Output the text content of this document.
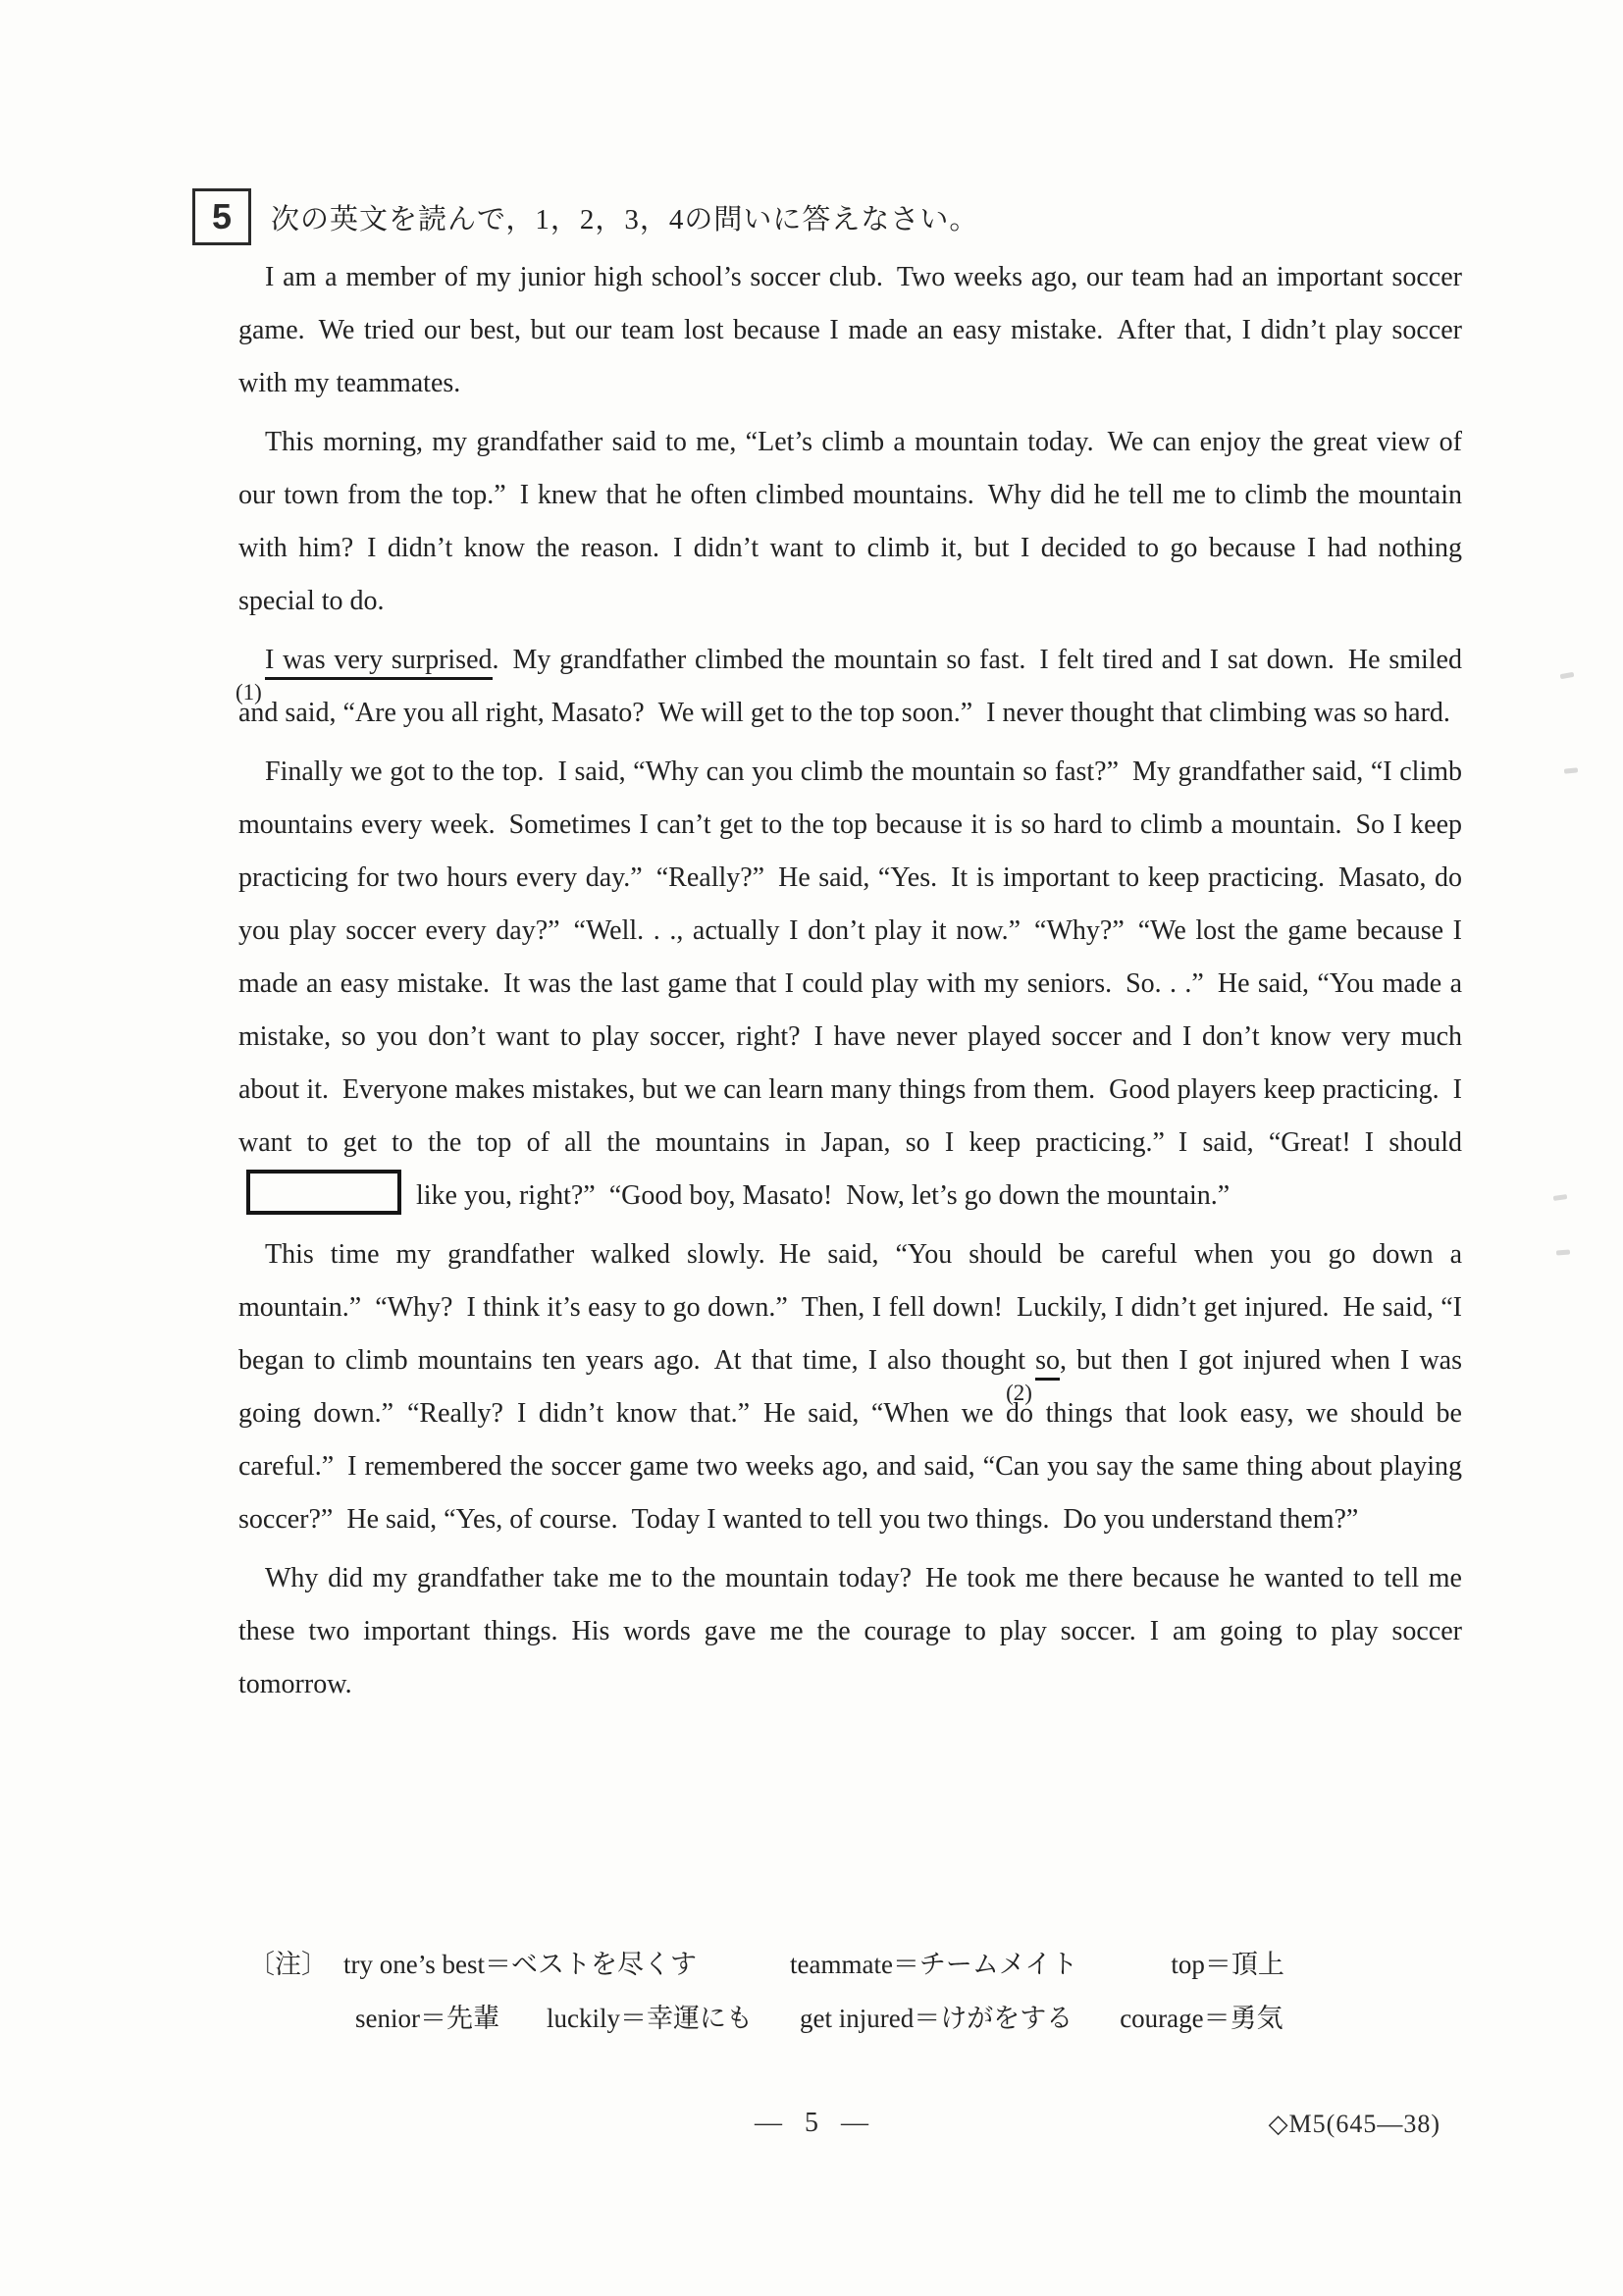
5 次の英文を読んで，1，2，3，4の問いに答えなさい。

I am a member of my junior high school’s soccer club. Two weeks ago, our team had an important soccer game. We tried our best, but our team lost because I made an easy mistake. After that, I didn’t play soccer with my teammates.

This morning, my grandfather said to me, “Let’s climb a mountain today. We can enjoy the great view of our town from the top.” I knew that he often climbed mountains. Why did he tell me to climb the mountain with him? I didn’t know the reason. I didn’t want to climb it, but I decided to go because I had nothing special to do.

I was very surprised
(1)
. My grandfather climbed the mountain so fast. I felt tired and I sat down. He smiled and said, “Are you all right, Masato? We will get to the top soon.” I never thought that climbing was so hard.

Finally we got to the top. I said, “Why can you climb the mountain so fast?” My grandfather said, “I climb mountains every week. Sometimes I can’t get to the top because it is so hard to climb a mountain. So I keep practicing for two hours every day.” “Really?” He said, “Yes. It is important to keep practicing. Masato, do you play soccer every day?” “Well. . ., actually I don’t play it now.” “Why?” “We lost the game because I made an easy mistake. It was the last game that I could play with my seniors. So. . .” He said, “You made a mistake, so you don’t want to play soccer, right? I have never played soccer and I don’t know very much about it. Everyone makes mistakes, but we can learn many things from them. Good players keep practicing. I want to get to the top of all the mountains in Japan, so I keep practicing.” I said, “Great! I should  like you, right?” “Good boy, Masato! Now, let’s go down the mountain.”

This time my grandfather walked slowly. He said, “You should be careful when you go down a mountain.” “Why? I think it’s easy to go down.” Then, I fell down! Luckily, I didn’t get injured. He said, “I began to climb mountains ten years ago. At that time, I also thought so
(2)
, but then I got injured when I was going down.” “Really? I didn’t know that.” He said, “When we do things that look easy, we should be careful.” I remembered the soccer game two weeks ago, and said, “Can you say the same thing about playing soccer?” He said, “Yes, of course. Today I wanted to tell you two things. Do you understand them?”

Why did my grandfather take me to the mountain today? He took me there because he wanted to tell me these two important things. His words gave me the courage to play soccer. I am going to play soccer tomorrow.

〔注〕 try one’s best＝ベストを尽くす	teammate＝チームメイト	top＝頂上
senior＝先輩 luckily＝幸運にも get injured＝けがをする courage＝勇気
— 5 —	◇M5(645—38)
